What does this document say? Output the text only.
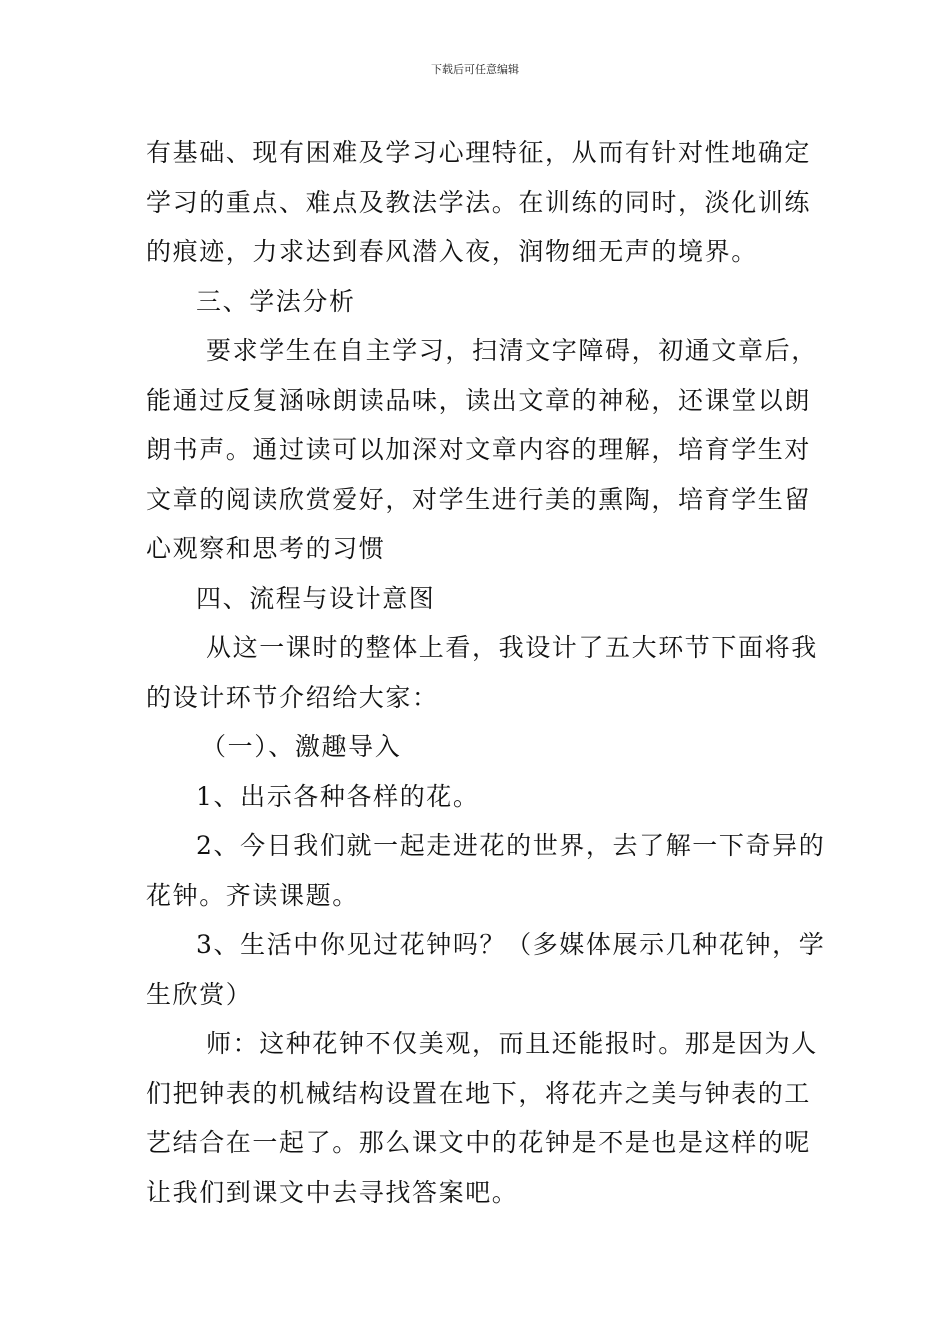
下载后可任意编辑

有基础、现有困难及学习心理特征，从而有针对性地确定

学习的重点、难点及教法学法。在训练的同时，淡化训练

的痕迹，力求达到春风潜入夜，润物细无声的境界。

三、学法分析

要求学生在自主学习，扫清文字障碍，初通文章后，

能通过反复涵咏朗读品味，读出文章的神秘，还课堂以朗

朗书声。通过读可以加深对文章内容的理解，培育学生对

文章的阅读欣赏爱好，对学生进行美的熏陶，培育学生留

心观察和思考的习惯

四、流程与设计意图

从这一课时的整体上看，我设计了五大环节下面将我

的设计环节介绍给大家：

（一）、激趣导入

1、出示各种各样的花。

2、今日我们就一起走进花的世界，去了解一下奇异的

花钟。齐读课题。

3、生活中你见过花钟吗？（多媒体展示几种花钟，学

生欣赏）

师：这种花钟不仅美观，而且还能报时。那是因为人

们把钟表的机械结构设置在地下，将花卉之美与钟表的工

艺结合在一起了。那么课文中的花钟是不是也是这样的呢

让我们到课文中去寻找答案吧。
